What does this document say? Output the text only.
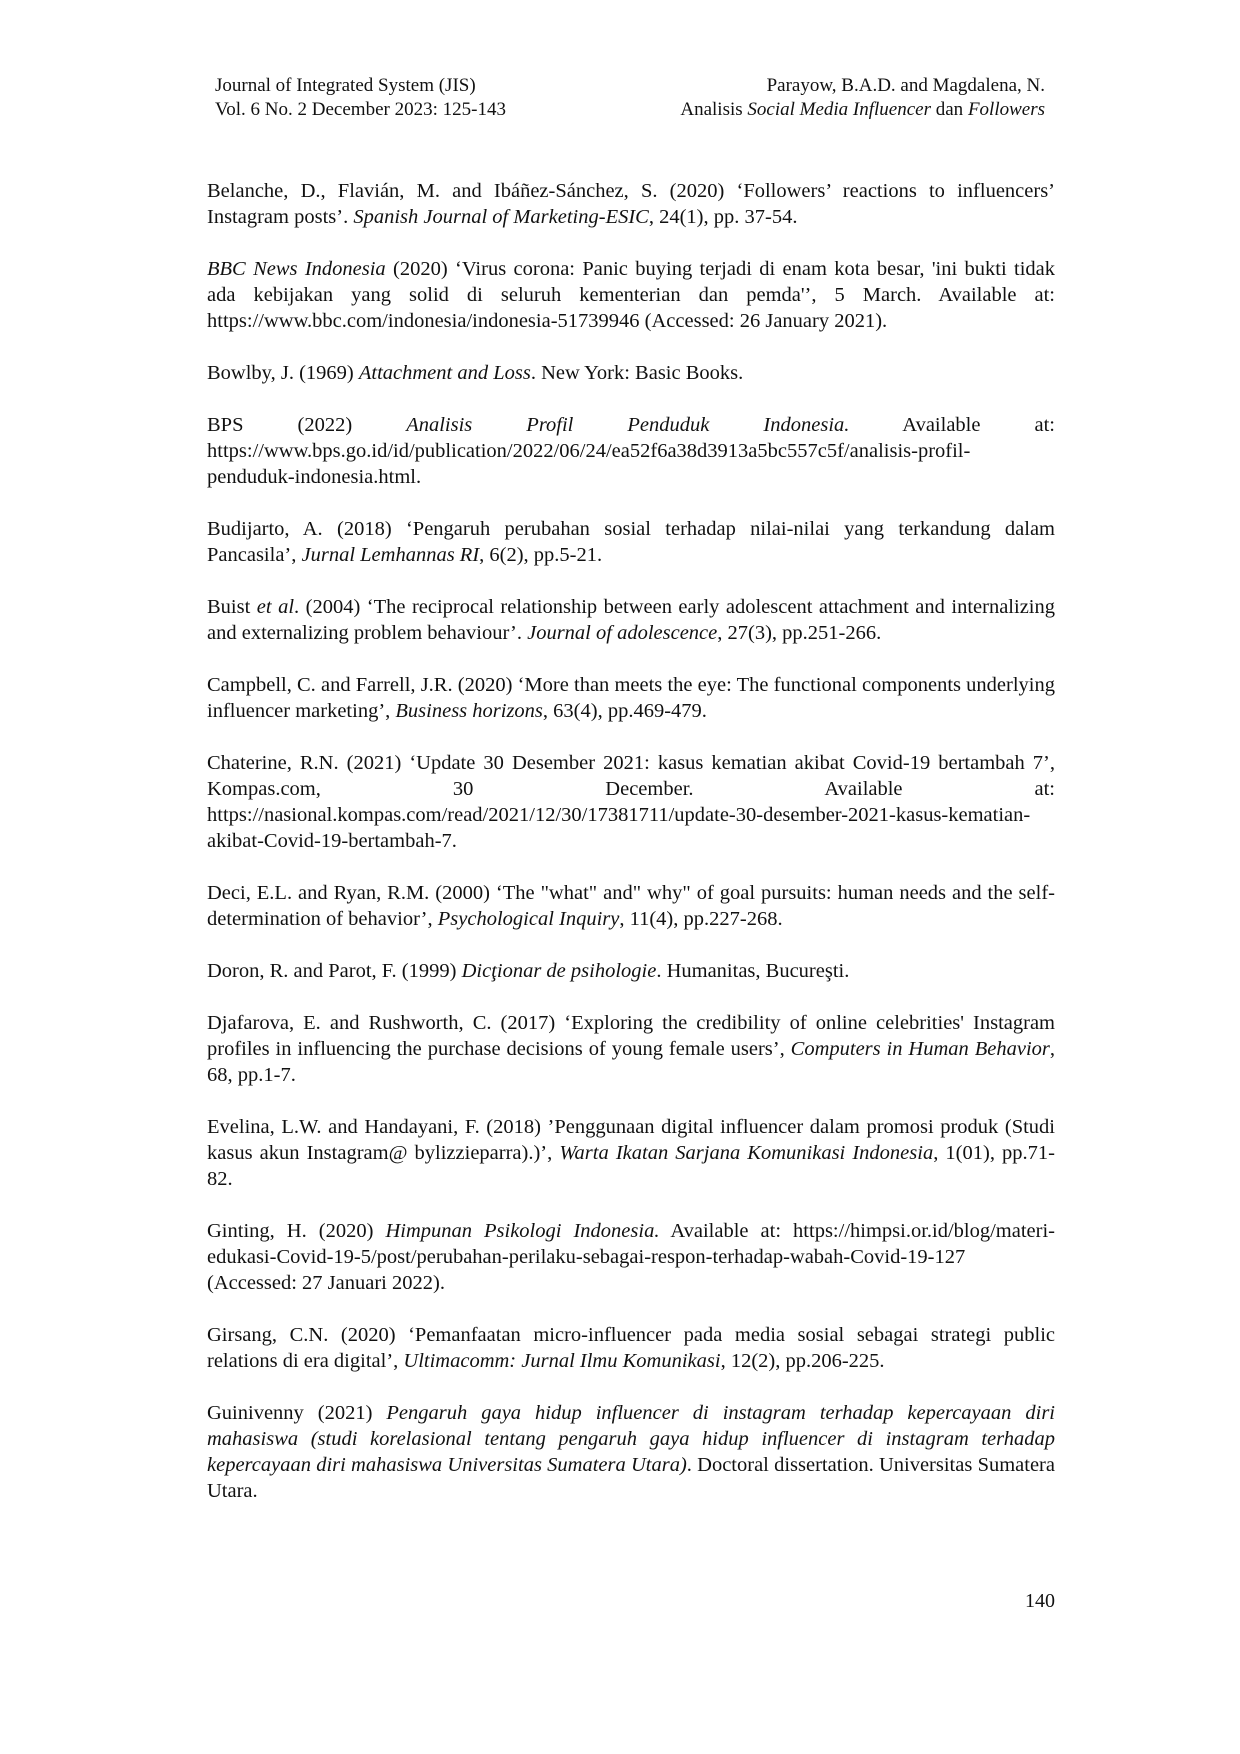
Journal of Integrated System (JIS)
Vol. 6 No. 2 December 2023: 125-143
Parayow, B.A.D. and Magdalena, N.
Analisis Social Media Influencer dan Followers

Belanche, D., Flavián, M. and Ibáñez-Sánchez, S. (2020) ‘Followers’ reactions to influencers’ Instagram posts’. Spanish Journal of Marketing-ESIC, 24(1), pp. 37-54.

BBC News Indonesia (2020) ‘Virus corona: Panic buying terjadi di enam kota besar, 'ini bukti tidak ada kebijakan yang solid di seluruh kementerian dan pemda'’, 5 March. Available at: https://www.bbc.com/indonesia/indonesia-51739946 (Accessed: 26 January 2021).

Bowlby, J. (1969) Attachment and Loss. New York: Basic Books.

BPS (2022) Analisis Profil Penduduk Indonesia. Available at: https://www.bps.go.id/id/publication/2022/06/24/ea52f6a38d3913a5bc557c5f/analisis-profil-penduduk-indonesia.html.

Budijarto, A. (2018) ‘Pengaruh perubahan sosial terhadap nilai-nilai yang terkandung dalam Pancasila’, Jurnal Lemhannas RI, 6(2), pp.5-21.

Buist et al. (2004) ‘The reciprocal relationship between early adolescent attachment and internalizing and externalizing problem behaviour’. Journal of adolescence, 27(3), pp.251-266.

Campbell, C. and Farrell, J.R. (2020) ‘More than meets the eye: The functional components underlying influencer marketing’, Business horizons, 63(4), pp.469-479.

Chaterine, R.N. (2021) ‘Update 30 Desember 2021: kasus kematian akibat Covid-19 bertambah 7’, Kompas.com, 30 December. Available at: https://nasional.kompas.com/read/2021/12/30/17381711/update-30-desember-2021-kasus-kematian-akibat-Covid-19-bertambah-7.

Deci, E.L. and Ryan, R.M. (2000) ‘The "what" and" why" of goal pursuits: human needs and the self-determination of behavior’, Psychological Inquiry, 11(4), pp.227-268.

Doron, R. and Parot, F. (1999) Dicţionar de psihologie. Humanitas, Bucureşti.

Djafarova, E. and Rushworth, C. (2017) ‘Exploring the credibility of online celebrities' Instagram profiles in influencing the purchase decisions of young female users’, Computers in Human Behavior, 68, pp.1-7.

Evelina, L.W. and Handayani, F. (2018) ’Penggunaan digital influencer dalam promosi produk (Studi kasus akun Instagram@ bylizzieparra).)’, Warta Ikatan Sarjana Komunikasi Indonesia, 1(01), pp.71-82.

Ginting, H. (2020) Himpunan Psikologi Indonesia. Available at: https://himpsi.or.id/blog/materi-edukasi-Covid-19-5/post/perubahan-perilaku-sebagai-respon-terhadap-wabah-Covid-19-127 (Accessed: 27 Januari 2022).

Girsang, C.N. (2020) ‘Pemanfaatan micro-influencer pada media sosial sebagai strategi public relations di era digital’, Ultimacomm: Jurnal Ilmu Komunikasi, 12(2), pp.206-225.

Guinivenny (2021) Pengaruh gaya hidup influencer di instagram terhadap kepercayaan diri mahasiswa (studi korelasional tentang pengaruh gaya hidup influencer di instagram terhadap kepercayaan diri mahasiswa Universitas Sumatera Utara). Doctoral dissertation. Universitas Sumatera Utara.

140
